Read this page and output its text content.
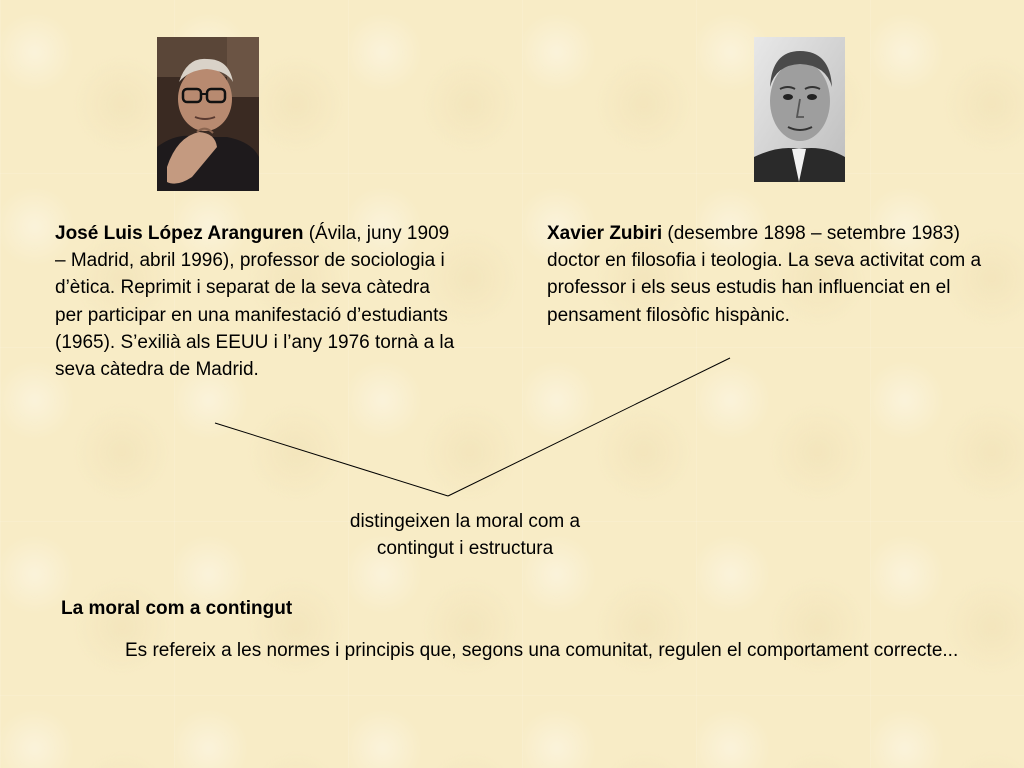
José Luis López Aranguren (Ávila, juny 1909 – Madrid, abril 1996), professor de sociologia i d’ètica. Reprimit i separat de la seva càtedra per participar en una manifestació d’estudiants (1965). S’exilià als EEUU i l’any 1976 tornà a la seva càtedra de Madrid.
Xavier Zubiri (desembre 1898 – setembre 1983) doctor en filosofia i teologia. La seva activitat com a professor i els seus estudis han influenciat en el pensament filosòfic hispànic.
distingeixen la moral com a
contingut i estructura
La moral com a contingut
Es refereix a les normes i principis que, segons una comunitat, regulen el comportament correcte...
